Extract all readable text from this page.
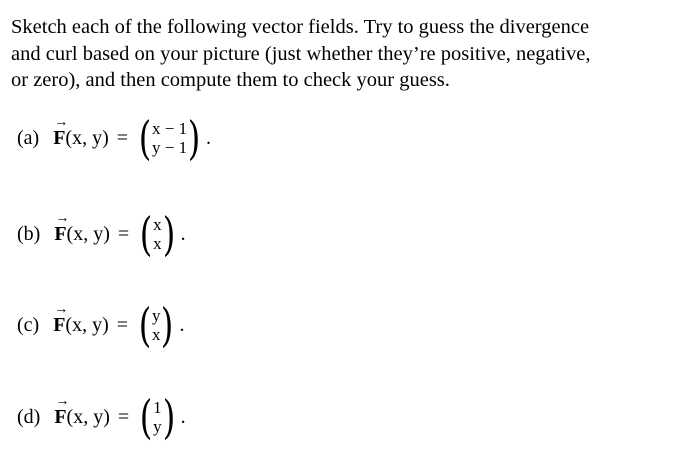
Sketch each of the following vector fields. Try to guess the divergence
and curl based on your picture (just whether they’re positive, negative,
or zero), and then compute them to check your guess.
(a)
→
F (x, y) = ( x − 1
y − 1 ) .
(b)
→
F (x, y) = ( x
x ) .
(c)
→
F (x, y) = ( y
x ) .
(d)
→
F (x, y) = ( 1
y ) .
